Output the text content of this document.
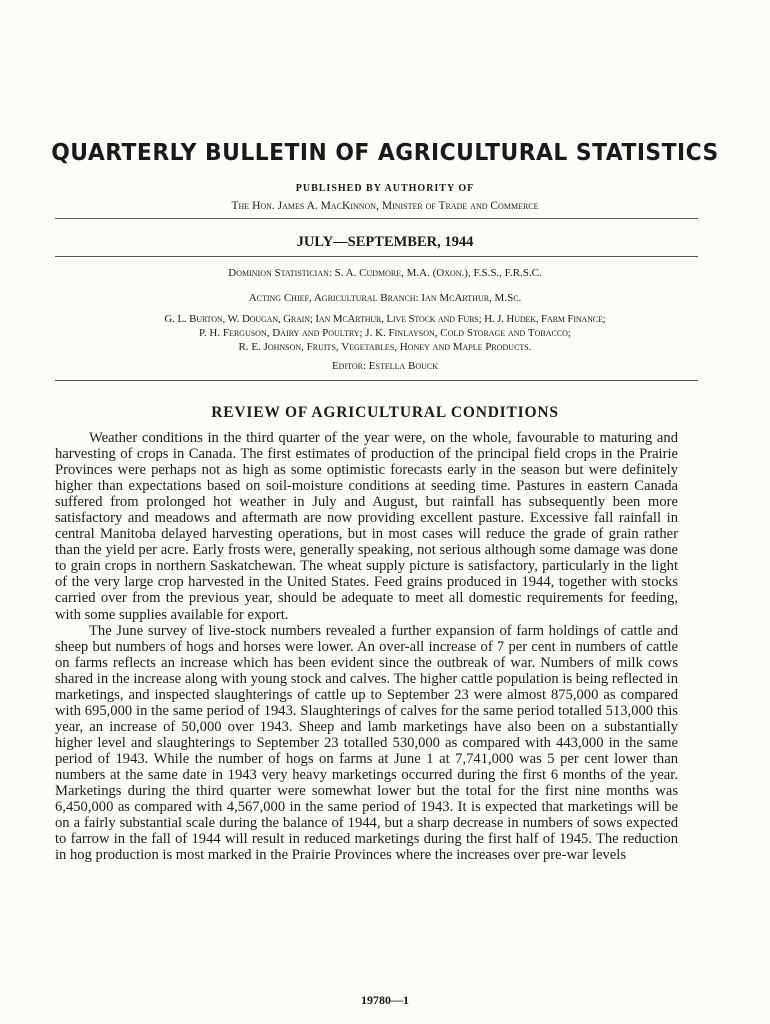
QUARTERLY BULLETIN OF AGRICULTURAL STATISTICS
PUBLISHED BY AUTHORITY OF
The Hon. James A. MacKinnon, Minister of Trade and Commerce
JULY—SEPTEMBER, 1944
Dominion Statistician: S. A. Cudmore, M.A. (Oxon.), F.S.S., F.R.S.C.
Acting Chief, Agricultural Branch: Ian McArthur, M.Sc.
G. L. Burton, W. Dougan, Grain; Ian McArthur, Live Stock and Furs; H. J. Hudek, Farm Finance;
P. H. Ferguson, Dairy and Poultry; J. K. Finlayson, Cold Storage and Tobacco;
R. E. Johnson, Fruits, Vegetables, Honey and Maple Products.
Editor: Estella Bouck
REVIEW OF AGRICULTURAL CONDITIONS

Weather conditions in the third quarter of the year were, on the whole, favourable to maturing and harvesting of crops in Canada. The first estimates of production of the principal field crops in the Prairie Provinces were perhaps not as high as some optimistic forecasts early in the season but were definitely higher than expectations based on soil-moisture conditions at seeding time. Pastures in eastern Canada suffered from prolonged hot weather in July and August, but rainfall has subsequently been more satisfactory and meadows and aftermath are now providing excellent pasture. Excessive fall rainfall in central Manitoba delayed harvesting operations, but in most cases will reduce the grade of grain rather than the yield per acre. Early frosts were, generally speaking, not serious although some damage was done to grain crops in northern Saskatchewan. The wheat supply picture is satisfactory, particularly in the light of the very large crop harvested in the United States. Feed grains produced in 1944, together with stocks carried over from the previous year, should be adequate to meet all domestic requirements for feeding, with some supplies available for export.

The June survey of live-stock numbers revealed a further expansion of farm holdings of cattle and sheep but numbers of hogs and horses were lower. An over-all increase of 7 per cent in numbers of cattle on farms reflects an increase which has been evident since the outbreak of war. Numbers of milk cows shared in the increase along with young stock and calves. The higher cattle population is being reflected in marketings, and inspected slaughterings of cattle up to September 23 were almost 875,000 as compared with 695,000 in the same period of 1943. Slaughterings of calves for the same period totalled 513,000 this year, an increase of 50,000 over 1943. Sheep and lamb marketings have also been on a substantially higher level and slaughterings to September 23 totalled 530,000 as compared with 443,000 in the same period of 1943. While the number of hogs on farms at June 1 at 7,741,000 was 5 per cent lower than numbers at the same date in 1943 very heavy marketings occurred during the first 6 months of the year. Marketings during the third quarter were somewhat lower but the total for the first nine months was 6,450,000 as compared with 4,567,000 in the same period of 1943. It is expected that marketings will be on a fairly substantial scale during the balance of 1944, but a sharp decrease in numbers of sows expected to farrow in the fall of 1944 will result in reduced marketings during the first half of 1945. The reduction in hog production is most marked in the Prairie Provinces where the increases over pre-war levels

19780—1
